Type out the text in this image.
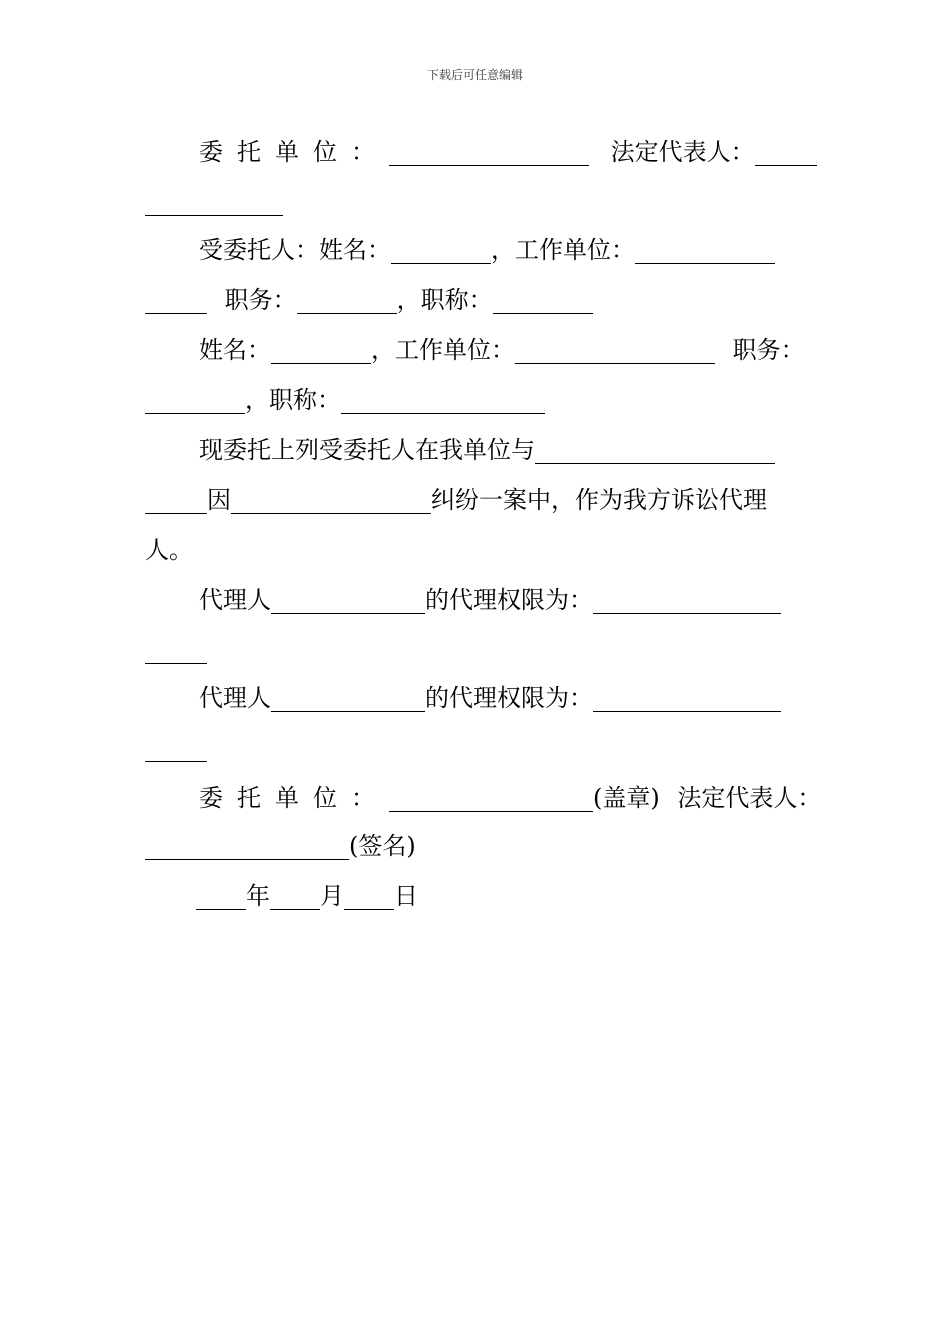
下载后可任意编辑
委托单位：	法定代表人：
受委托人：姓名：	，工作单位：
职务：	，职称：
姓名：	，工作单位：	职务：
，职称：
现委托上列受委托人在我单位与
因	纠纷一案中，作为我方诉讼代理
人。
代理人	的代理权限为：
代理人	的代理权限为：
委托单位：	(盖章) 法定代表人：
(签名)
年 月 日
